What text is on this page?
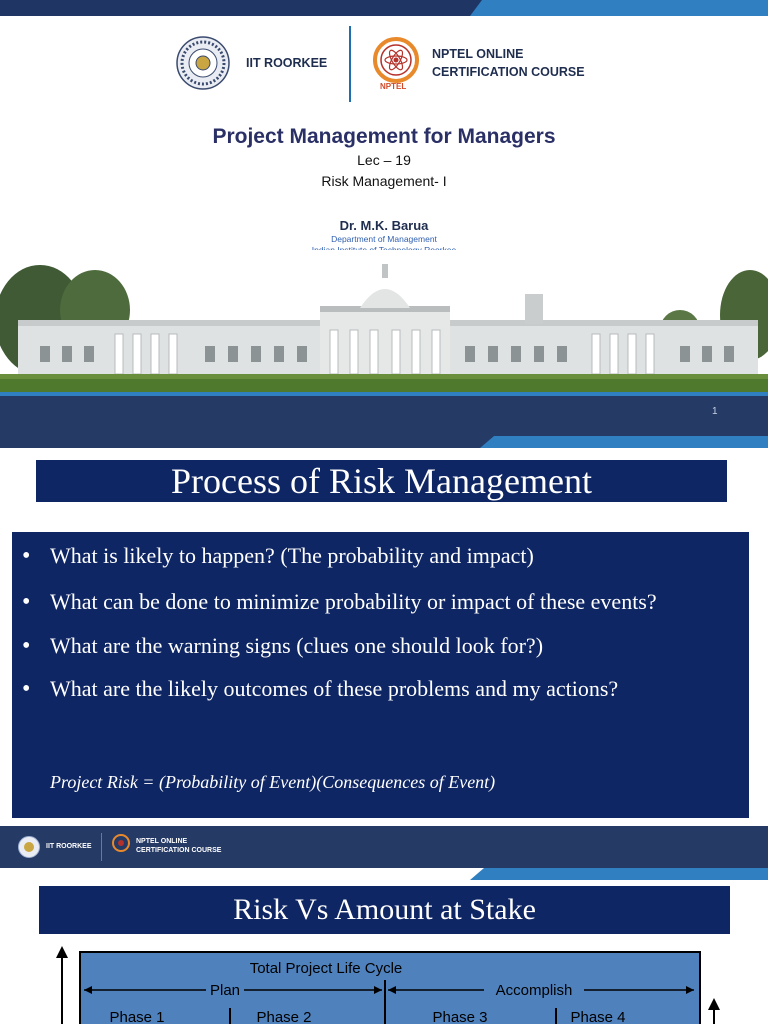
IIT ROORKEE
NPTEL
NPTEL ONLINE
CERTIFICATION COURSE
Project Management for Managers
Lec – 19
Risk Management- I
Dr. M.K. Barua
Department of Management
1
Process of Risk Management
• What is likely to happen? (The probability and impact)
• What can be done to minimize probability or impact of these events?
• What are the warning signs (clues one should look for?)
• What are the likely outcomes of these problems and my actions?
Project Risk = (Probability of Event)(Consequences of Event)
IIT ROORKEE
NPTEL ONLINE
CERTIFICATION COURSE
Risk Vs Amount at Stake
Total Project Life Cycle
Plan	Accomplish
Phase 1	Phase 2	Phase 3	Phase 4
